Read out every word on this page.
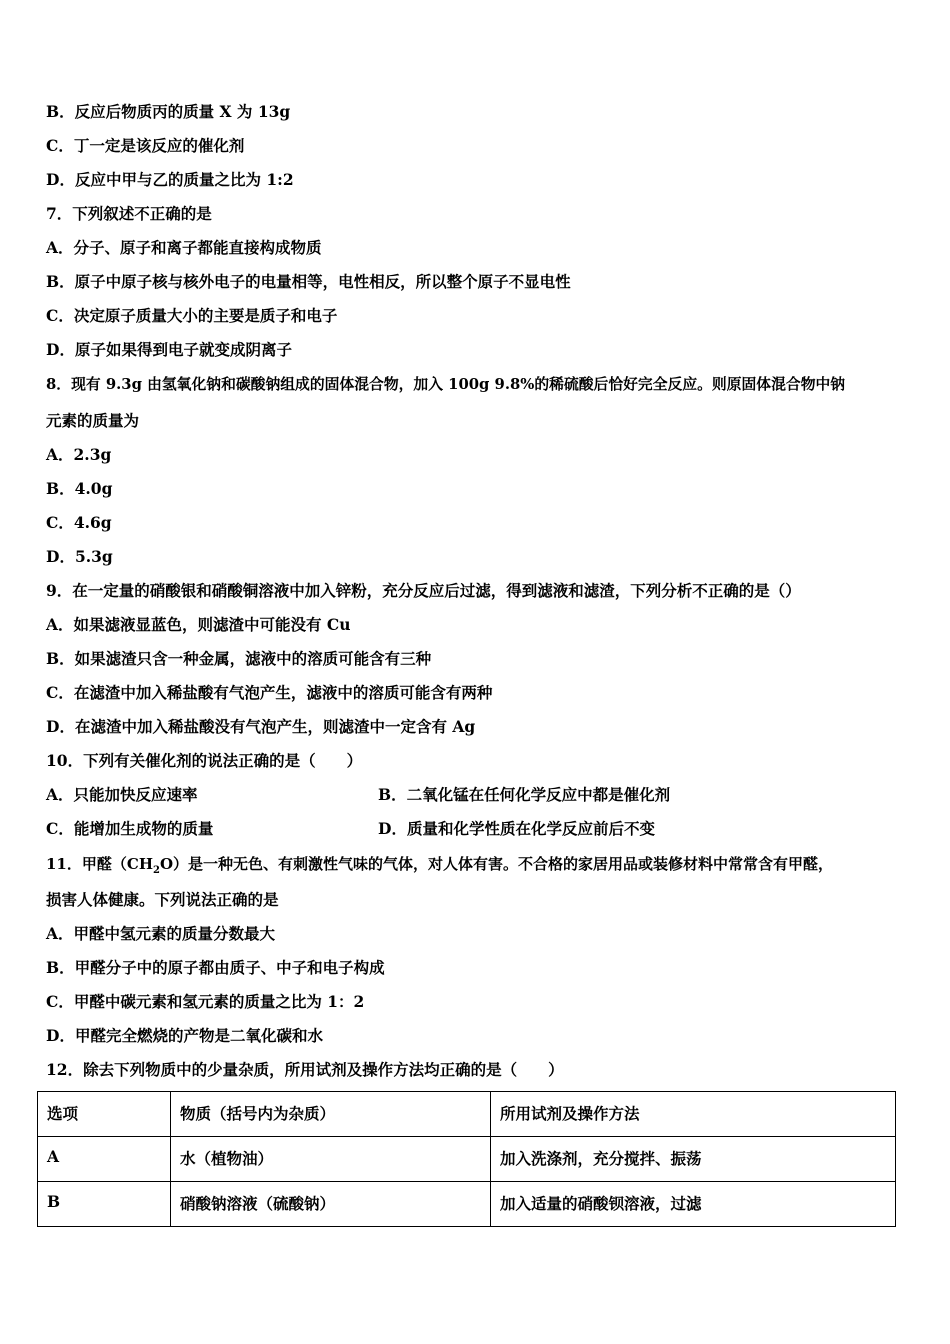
B．反应后物质丙的质量 X 为 13g
C．丁一定是该反应的催化剂
D．反应中甲与乙的质量之比为 1:2
7．下列叙述不正确的是
A．分子、原子和离子都能直接构成物质
B．原子中原子核与核外电子的电量相等，电性相反，所以整个原子不显电性
C．决定原子质量大小的主要是质子和电子
D．原子如果得到电子就变成阴离子
8．现有 9.3g 由氢氧化钠和碳酸钠组成的固体混合物，加入 100g 9.8%的稀硫酸后恰好完全反应。则原固体混合物中钠
元素的质量为
A．2.3g
B．4.0g
C．4.6g
D．5.3g
9．在一定量的硝酸银和硝酸铜溶液中加入锌粉，充分反应后过滤，得到滤液和滤渣，下列分析不正确的是（）
A．如果滤液显蓝色，则滤渣中可能没有 Cu
B．如果滤渣只含一种金属，滤液中的溶质可能含有三种
C．在滤渣中加入稀盐酸有气泡产生，滤液中的溶质可能含有两种
D．在滤渣中加入稀盐酸没有气泡产生，则滤渣中一定含有 Ag
10．下列有关催化剂的说法正确的是（　　）
A．只能加快反应速率	B．二氧化锰在任何化学反应中都是催化剂
C．能增加生成物的质量	D．质量和化学性质在化学反应前后不变
11．甲醛$(CH_2O)$是一种无色、有刺激性气味的气体，对人体有害。不合格的家居用品或装修材料中常常含有甲醛，
损害人体健康。下列说法正确的是
A．甲醛中氢元素的质量分数最大
B．甲醛分子中的原子都由质子、中子和电子构成
C．甲醛中碳元素和氢元素的质量之比为 1：2
D．甲醛完全燃烧的产物是二氧化碳和水
12．除去下列物质中的少量杂质，所用试剂及操作方法均正确的是（　　）
选项	物质（括号内为杂质）	所用试剂及操作方法
A	水（植物油）	加入洗涤剂，充分搅拌、振荡
B	硝酸钠溶液（硫酸钠）	加入适量的硝酸钡溶液，过滤
